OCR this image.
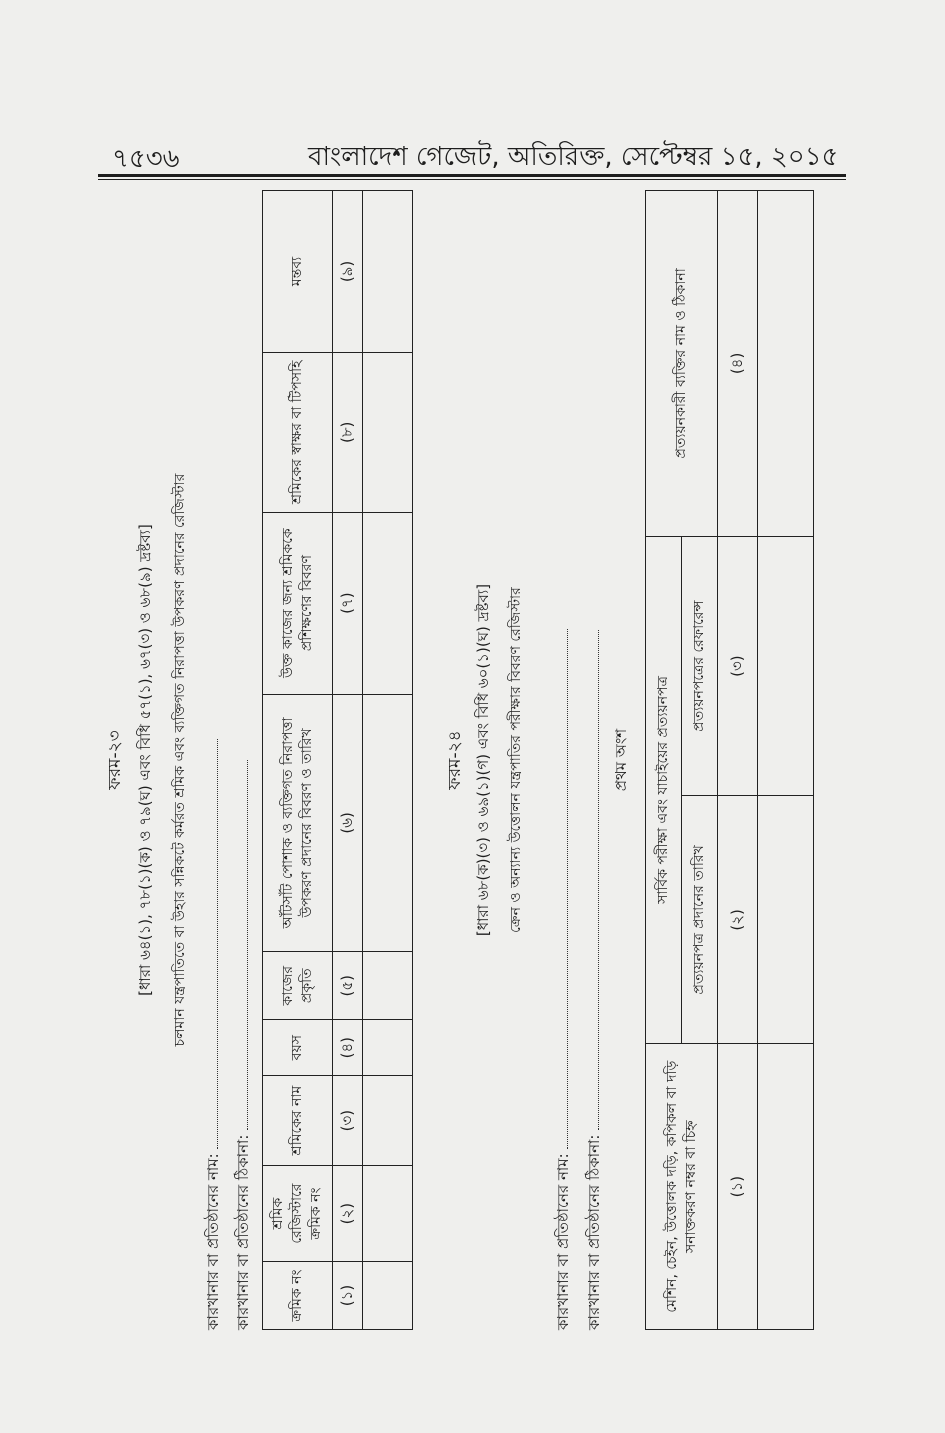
৭৫৩৬	বাংলাদেশ গেজেট, অতিরিক্ত, সেপ্টেম্বর ১৫, ২০১৫
ফরম-২৩ [ধারা ৬৪(১), ৭৮(১)(ক) ও ৭৯(ঘ) এবং বিধি ৫৭(১), ৬৭(৩) ও ৬৮(৯) দ্রষ্টব্য]	চলমান যন্ত্রপাতিতে বা উহার সন্নিকটে কর্মরত শ্রমিক এবং ব্যক্তিগত নিরাপত্তা উপকরণ প্রদানের রেজিস্টার
কারখানার বা প্রতিষ্ঠানের নাম: কারখানার বা প্রতিষ্ঠানের ঠিকানা:	ক্রমিক নং	শ্রমিক রেজিস্টারে ক্রমিক নং	শ্রমিকের নাম	বয়স	কাজের প্রকৃতি	আঁটসাঁট পোশাক ও ব্যক্তিগত নিরাপত্তা উপকরণ প্রদানের বিবরণ ও তারিখ	উক্ত কাজের জন্য শ্রমিককে প্রশিক্ষণের বিবরণ	শ্রমিকের স্বাক্ষর বা টিপসহি	মন্তব্য
(১)	(২)	(৩)	(৪)	(৫)	(৬)	(৭)	(৮)	(৯)

ফরম-২৪ [ধারা ৬৮(ক)(৩) ও ৬৯(১)(গ) এবং বিধি ৬০(১)(ঘ) দ্রষ্টব্য]	ক্রেন ও অন্যান্য উত্তোলন যন্ত্রপাতির পরীক্ষার বিবরণ রেজিস্টার
কারখানার বা প্রতিষ্ঠানের নাম: কারখানার বা প্রতিষ্ঠানের ঠিকানা:
প্রথম অংশ
মেশিন, চেইন, উত্তোলক দড়ি, কপিকল বা দড়ি সনাক্তকরণ নম্বর বা চিহ্ন	সার্বিক পরীক্ষা এবং যাচাইয়ের প্রত্যয়নপত্র		প্রত্যয়নকারী ব্যক্তির নাম ও ঠিকানা
	প্রত্যয়নপত্র প্রদানের তারিখ	প্রত্যয়নপত্রের রেফারেন্স	
(১)	(২)	(৩)	(৪)
